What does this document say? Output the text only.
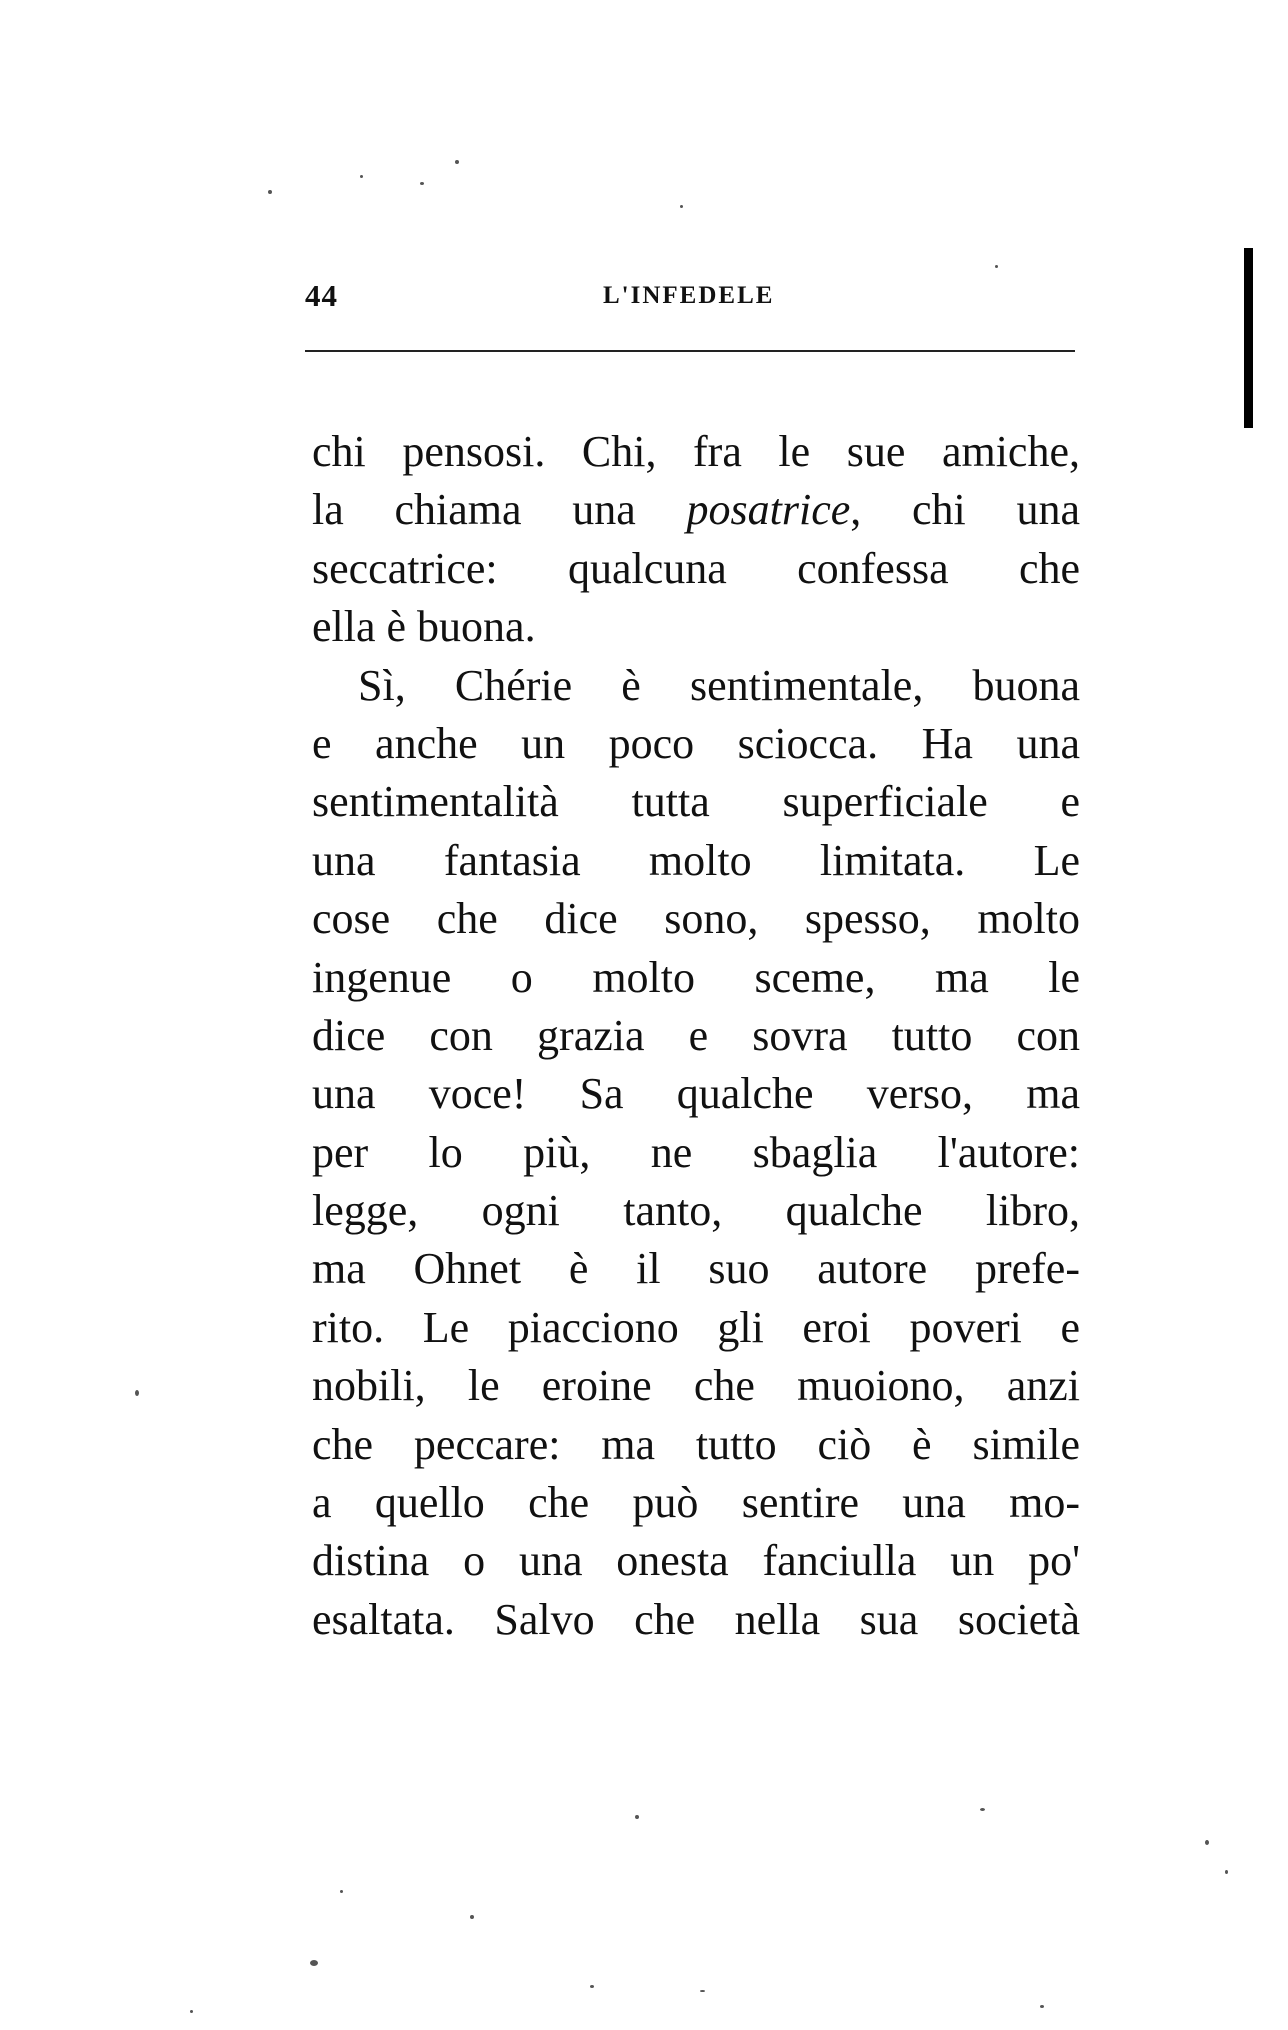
44	L'INFEDELE
chi pensosi. Chi, fra le sue amiche,
la chiama una posatrice, chi una
seccatrice: qualcuna confessa che
ella è buona.
Sì, Chérie è sentimentale, buona
e anche un poco sciocca. Ha una
sentimentalità tutta superficiale e
una fantasia molto limitata. Le
cose che dice sono, spesso, molto
ingenue o molto sceme, ma le
dice con grazia e sovra tutto con
una voce! Sa qualche verso, ma
per lo più, ne sbaglia l'autore:
legge, ogni tanto, qualche libro,
ma Ohnet è il suo autore prefe-
rito. Le piacciono gli eroi poveri e
nobili, le eroine che muoiono, anzi
che peccare: ma tutto ciò è simile
a quello che può sentire una mo-
distina o una onesta fanciulla un po'
esaltata. Salvo che nella sua società
